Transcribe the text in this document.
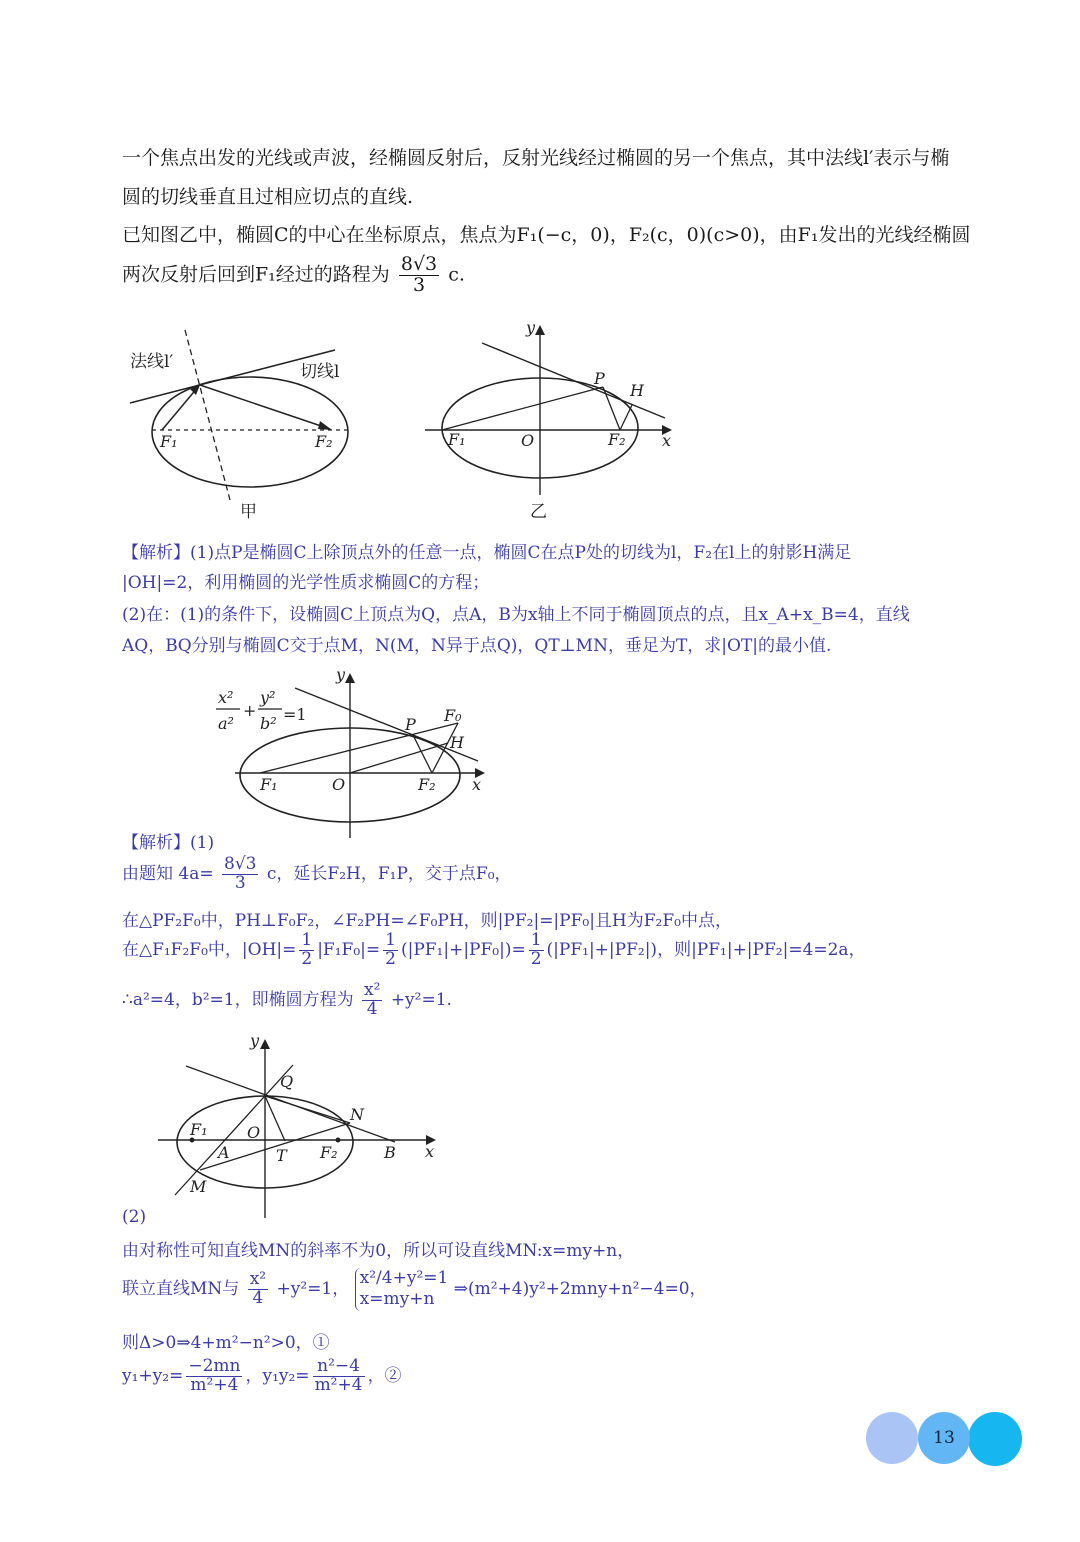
一个焦点出发的光线或声波，经椭圆反射后，反射光线经过椭圆的另一个焦点，其中法线l′表示与椭
圆的切线垂直且过相应切点的直线.
已知图乙中，椭圆C的中心在坐标原点，焦点为F₁(−c，0)，F₂(c，0)(c>0)，由F₁发出的光线经椭圆
两次反射后回到F₁经过的路程为 $\frac{8√3}{3} c$.
法线l′	切线l
F₁	F₂
甲
y
x
P
H
F₁	O	F₂
乙
【解析】(1)点P是椭圆C上除顶点外的任意一点，椭圆C在点P处的切线为l，F₂在l上的射影H满足
|OH|=2，利用椭圆的光学性质求椭圆C的方程；
(2)在：(1)的条件下，设椭圆C上顶点为Q，点A，B为x轴上不同于椭圆顶点的点，且x_A+x_B=4，直线
AQ，BQ分别与椭圆C交于点M，N(M，N异于点Q)，QT⊥MN，垂足为T，求|OT|的最小值.
x²
a²
+
y²
b² =1
y
x
P F₀
H
F₁	O	F₂
【解析】(1)
由题知 $4a= \frac{8√3}{3}$ c，延长F₂H，F₁P，交于点F₀，
在△PF₂F₀中，PH⊥F₀F₂，∠F₂PH=∠F₀PH，则|PF₂|=|PF₀|且H为F₂F₀中点，
在△F₁F₂F₀中，$|OH|= \frac{1}{2} |F_1F_0|= \frac{1}{2} (|PF_1|+|PF_0|)= \frac{1}{2} (|PF_1|+|PF_2|)$，则|PF₁|+|PF₂|=4=2a，
∴a²=4，b²=1，即椭圆方程为 $\frac{\text{x²}}{4} +y^2=1$.
y
x
Q
N
F₁ O
A	T F₂	B
M
(2)
由对称性可知直线MN的斜率不为0，所以可设直线MN:x=my+n，
联立直线MN与 $\frac{\text{x²}}{4} +y^2=1$，
x²/4+y²=1
x=my+n
⇒(m²+4)y²+2mny+n²−4=0，
则Δ>0⇒4+m²−n²>0，①
$y_1+y_2= \frac{-2mn}{\text{m²+4}}$ ，$y_1y_2= \frac{\text{n²−4}}{\text{m²+4}}$ ，②
13
